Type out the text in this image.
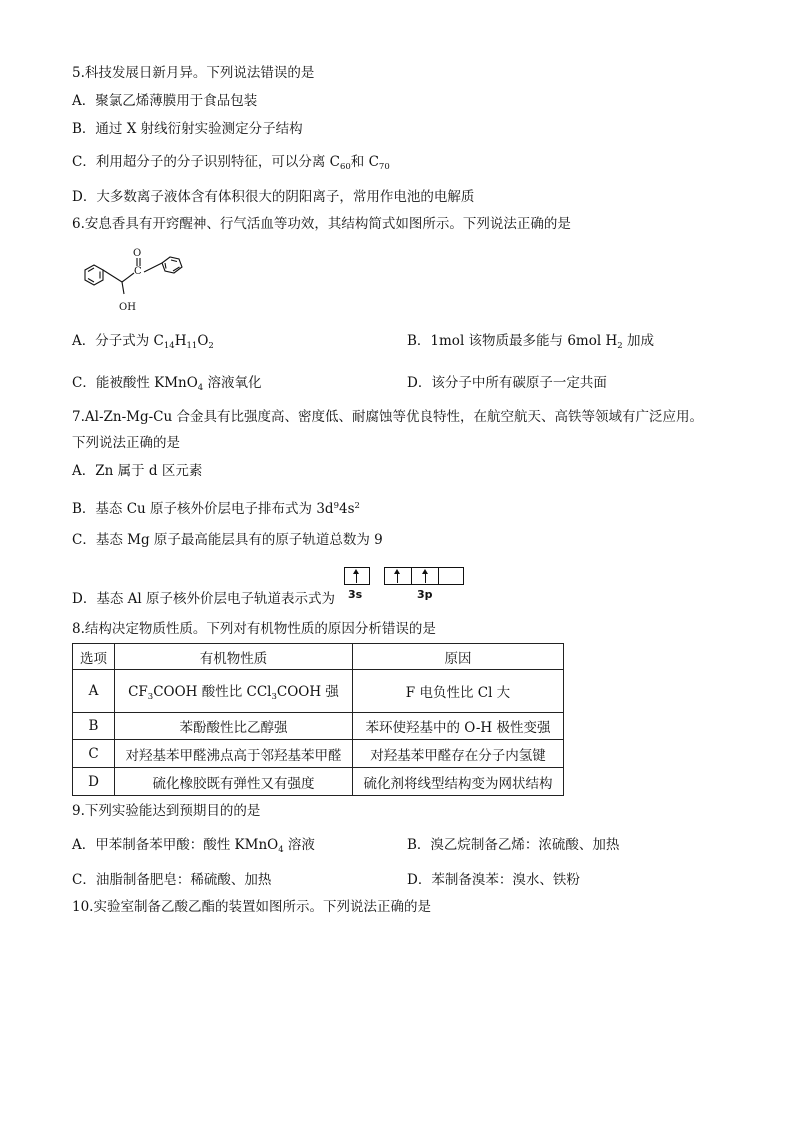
5.科技发展日新月异。下列说法错误的是
A．聚氯乙烯薄膜用于食品包装
B．通过 X 射线衍射实验测定分子结构
C．利用超分子的分子识别特征，可以分离 $C_{60}$和 $C_{70}$
D．大多数离子液体含有体积很大的阴阳离子，常用作电池的电解质
6.安息香具有开窍醒神、行气活血等功效，其结构简式如图所示。下列说法正确的是
O
C
OH
A．分子式为 $C_{14}H_{11}O_2$	B．1mol 该物质最多能与 6mol $H_2$ 加成
C．能被酸性 KMnO$_4$ 溶液氧化	D．该分子中所有碳原子一定共面
7.Al-Zn-Mg-Cu 合金具有比强度高、密度低、耐腐蚀等优良特性，在航空航天、高铁等领域有广泛应用。
下列说法正确的是
A．Zn 属于 d 区元素
B．基态 Cu 原子核外价层电子排布式为 $3d^94s^2$
C．基态 Mg 原子最高能层具有的原子轨道总数为 9
D．基态 Al 原子核外价层电子轨道表示式为 3s	3p
8.结构决定物质性质。下列对有机物性质的原因分析错误的是
选项	有机物性质	原因
A	$CF_3COOH$ 酸性比 CCl$_3$COOH 强	F 电负性比 Cl 大
B	苯酚酸性比乙醇强	苯环使羟基中的 O-H 极性变强
C	对羟基苯甲醛沸点高于邻羟基苯甲醛	对羟基苯甲醛存在分子内氢键
D	硫化橡胶既有弹性又有强度	硫化剂将线型结构变为网状结构
9.下列实验能达到预期目的的是
A．甲苯制备苯甲酸：酸性 KMnO$_4$ 溶液	B．溴乙烷制备乙烯：浓硫酸、加热
C．油脂制备肥皂：稀硫酸、加热	D．苯制备溴苯：溴水、铁粉
10.实验室制备乙酸乙酯的装置如图所示。下列说法正确的是
